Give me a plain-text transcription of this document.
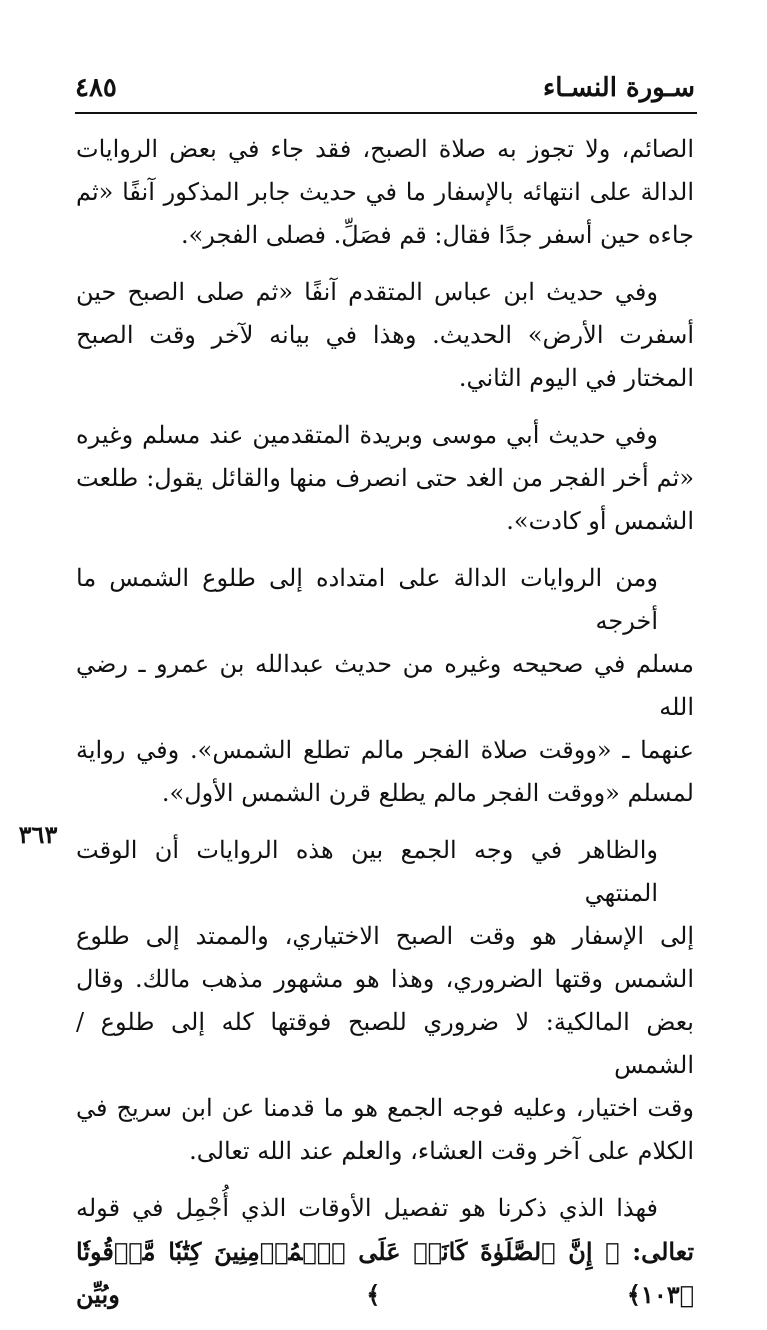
سـورة النسـاء
٤٨٥
٣٦٣

الصائم، ولا تجوز به صلاة الصبح، فقد جاء في بعض الروايات
الدالة على انتهائه بالإسفار ما في حديث جابر المذكور آنفًا «ثم
جاءه حين أسفر جدًا فقال: قم فصَلِّ. فصلى الفجر».

وفي حديث ابن عباس المتقدم آنفًا «ثم صلى الصبح حين
أسفرت الأرض» الحديث. وهذا في بيانه لآخر وقت الصبح
المختار في اليوم الثاني.

وفي حديث أبي موسى وبريدة المتقدمين عند مسلم وغيره
«ثم أخر الفجر من الغد حتى انصرف منها والقائل يقول: طلعت
الشمس أو كادت».

ومن الروايات الدالة على امتداده إلى طلوع الشمس ما أخرجه
مسلم في صحيحه وغيره من حديث عبدالله بن عمرو ـ رضي الله
عنهما ـ «ووقت صلاة الفجر مالم تطلع الشمس». وفي رواية
لمسلم «ووقت الفجر مالم يطلع قرن الشمس الأول».

والظاهر في وجه الجمع بين هذه الروايات أن الوقت المنتهي
إلى الإسفار هو وقت الصبح الاختياري، والممتد إلى طلوع
الشمس وقتها الضروري، وهذا هو مشهور مذهب مالك. وقال
بعض المالكية: لا ضروري للصبح فوقتها كله إلى طلوع / الشمس
وقت اختيار، وعليه فوجه الجمع هو ما قدمنا عن ابن سريج في
الكلام على آخر وقت العشاء، والعلم عند الله تعالى.

فهذا الذي ذكرنا هو تفصيل الأوقات الذي أُجْمِل في قوله
تعالى: ﴿ إِنَّ ٱلصَّلَوٰةَ كَانَتۡ عَلَى ٱلۡمُؤۡمِنِينَ كِتَٰبٗا مَّوۡقُوتٗا ﴿١٠٣﴾ ﴾ وبُيِّن
